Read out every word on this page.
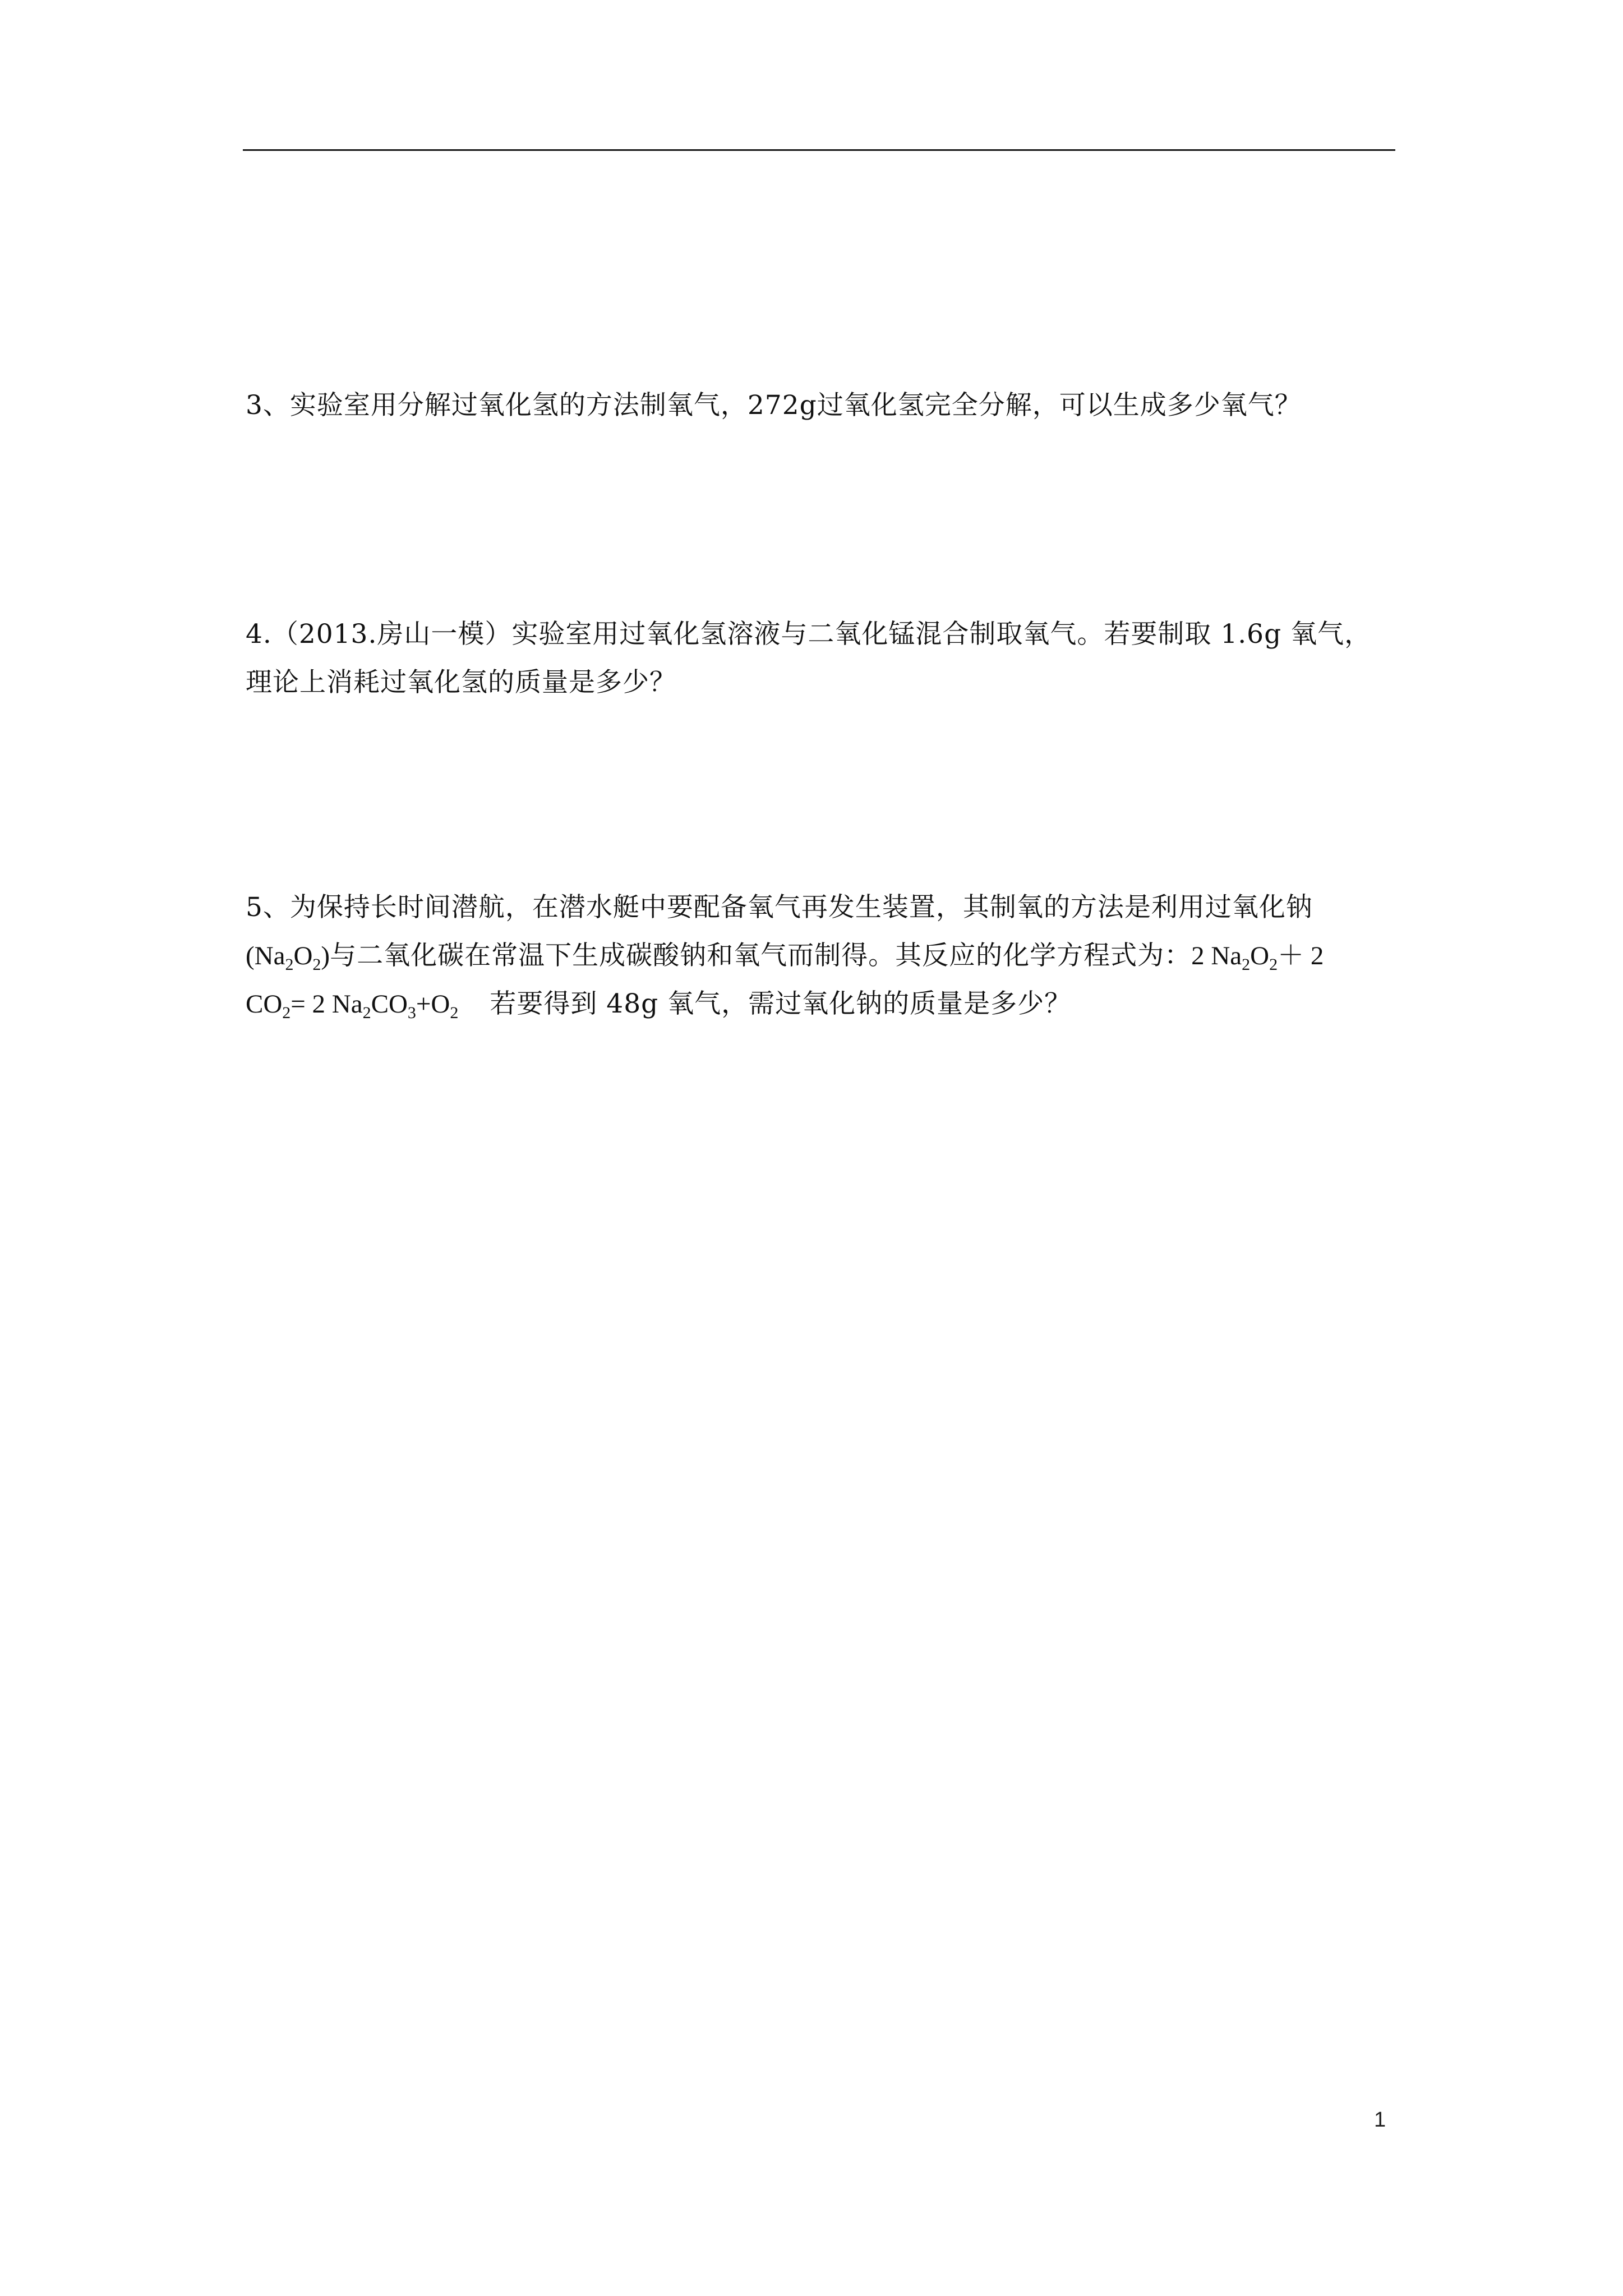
3、实验室用分解过氧化氢的方法制氧气，272g过氧化氢完全分解，可以生成多少氧气？
4.（2013.房山一模）实验室用过氧化氢溶液与二氧化锰混合制取氧气。若要制取 1.6g 氧气，
理论上消耗过氧化氢的质量是多少？
5、为保持长时间潜航，在潜水艇中要配备氧气再发生装置，其制氧的方法是利用过氧化钠
$(Na_2O_2)$与二氧化碳在常温下生成碳酸钠和氧气而制得。其反应的化学方程式为：2 $Na_2O_2+ 2$
$CO_2= 2$ $Na_2CO_3+O_2$ 若要得到 48g 氧气，需过氧化钠的质量是多少？
1
